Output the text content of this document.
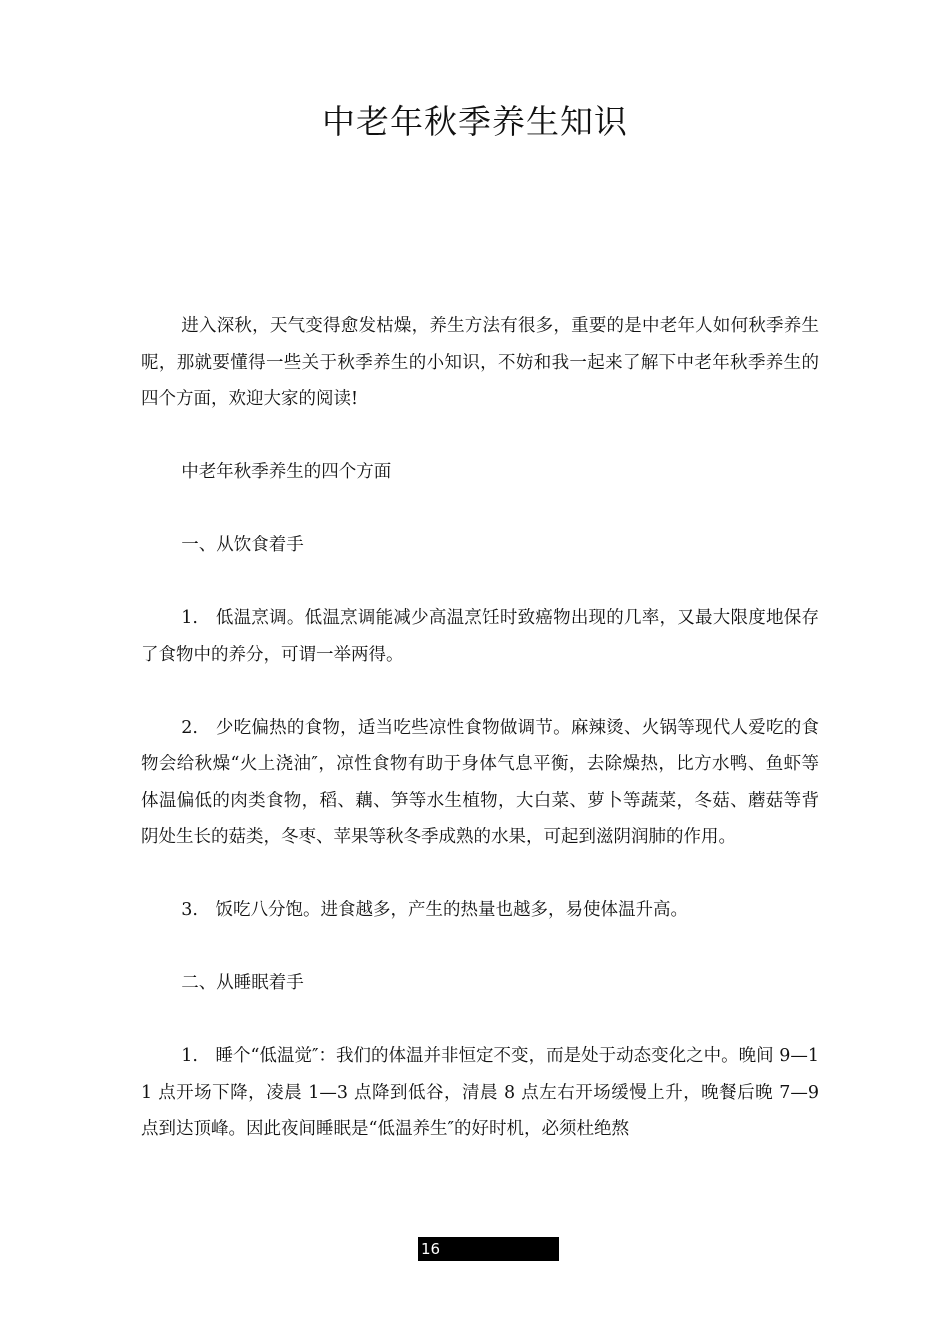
中老年秋季养生知识

进入深秋，天气变得愈发枯燥，养生方法有很多，重要的是中老年人如何秋季养生呢，那就要懂得一些关于秋季养生的小知识，不妨和我一起来了解下中老年秋季养生的四个方面，欢迎大家的阅读!

中老年秋季养生的四个方面

一、从饮食着手

1.　低温烹调。低温烹调能减少高温烹饪时致癌物出现的几率，又最大限度地保存了食物中的养分，可谓一举两得。

2.　少吃偏热的食物，适当吃些凉性食物做调节。麻辣烫、火锅等现代人爱吃的食物会给秋燥“火上浇油″，凉性食物有助于身体气息平衡，去除燥热，比方水鸭、鱼虾等体温偏低的肉类食物，稻、藕、笋等水生植物，大白菜、萝卜等蔬菜，冬菇、蘑菇等背阴处生长的菇类，冬枣、苹果等秋冬季成熟的水果，可起到滋阴润肺的作用。

3.　饭吃八分饱。进食越多，产生的热量也越多，易使体温升高。

二、从睡眠着手

1.　睡个“低温觉″：我们的体温并非恒定不变，而是处于动态变化之中。晚间 9—11 点开场下降，凌晨 1—3 点降到低谷，清晨 8 点左右开场缓慢上升，晚餐后晚 7—9 点到达顶峰。因此夜间睡眠是“低温养生″的好时机，必须杜绝熬

16
